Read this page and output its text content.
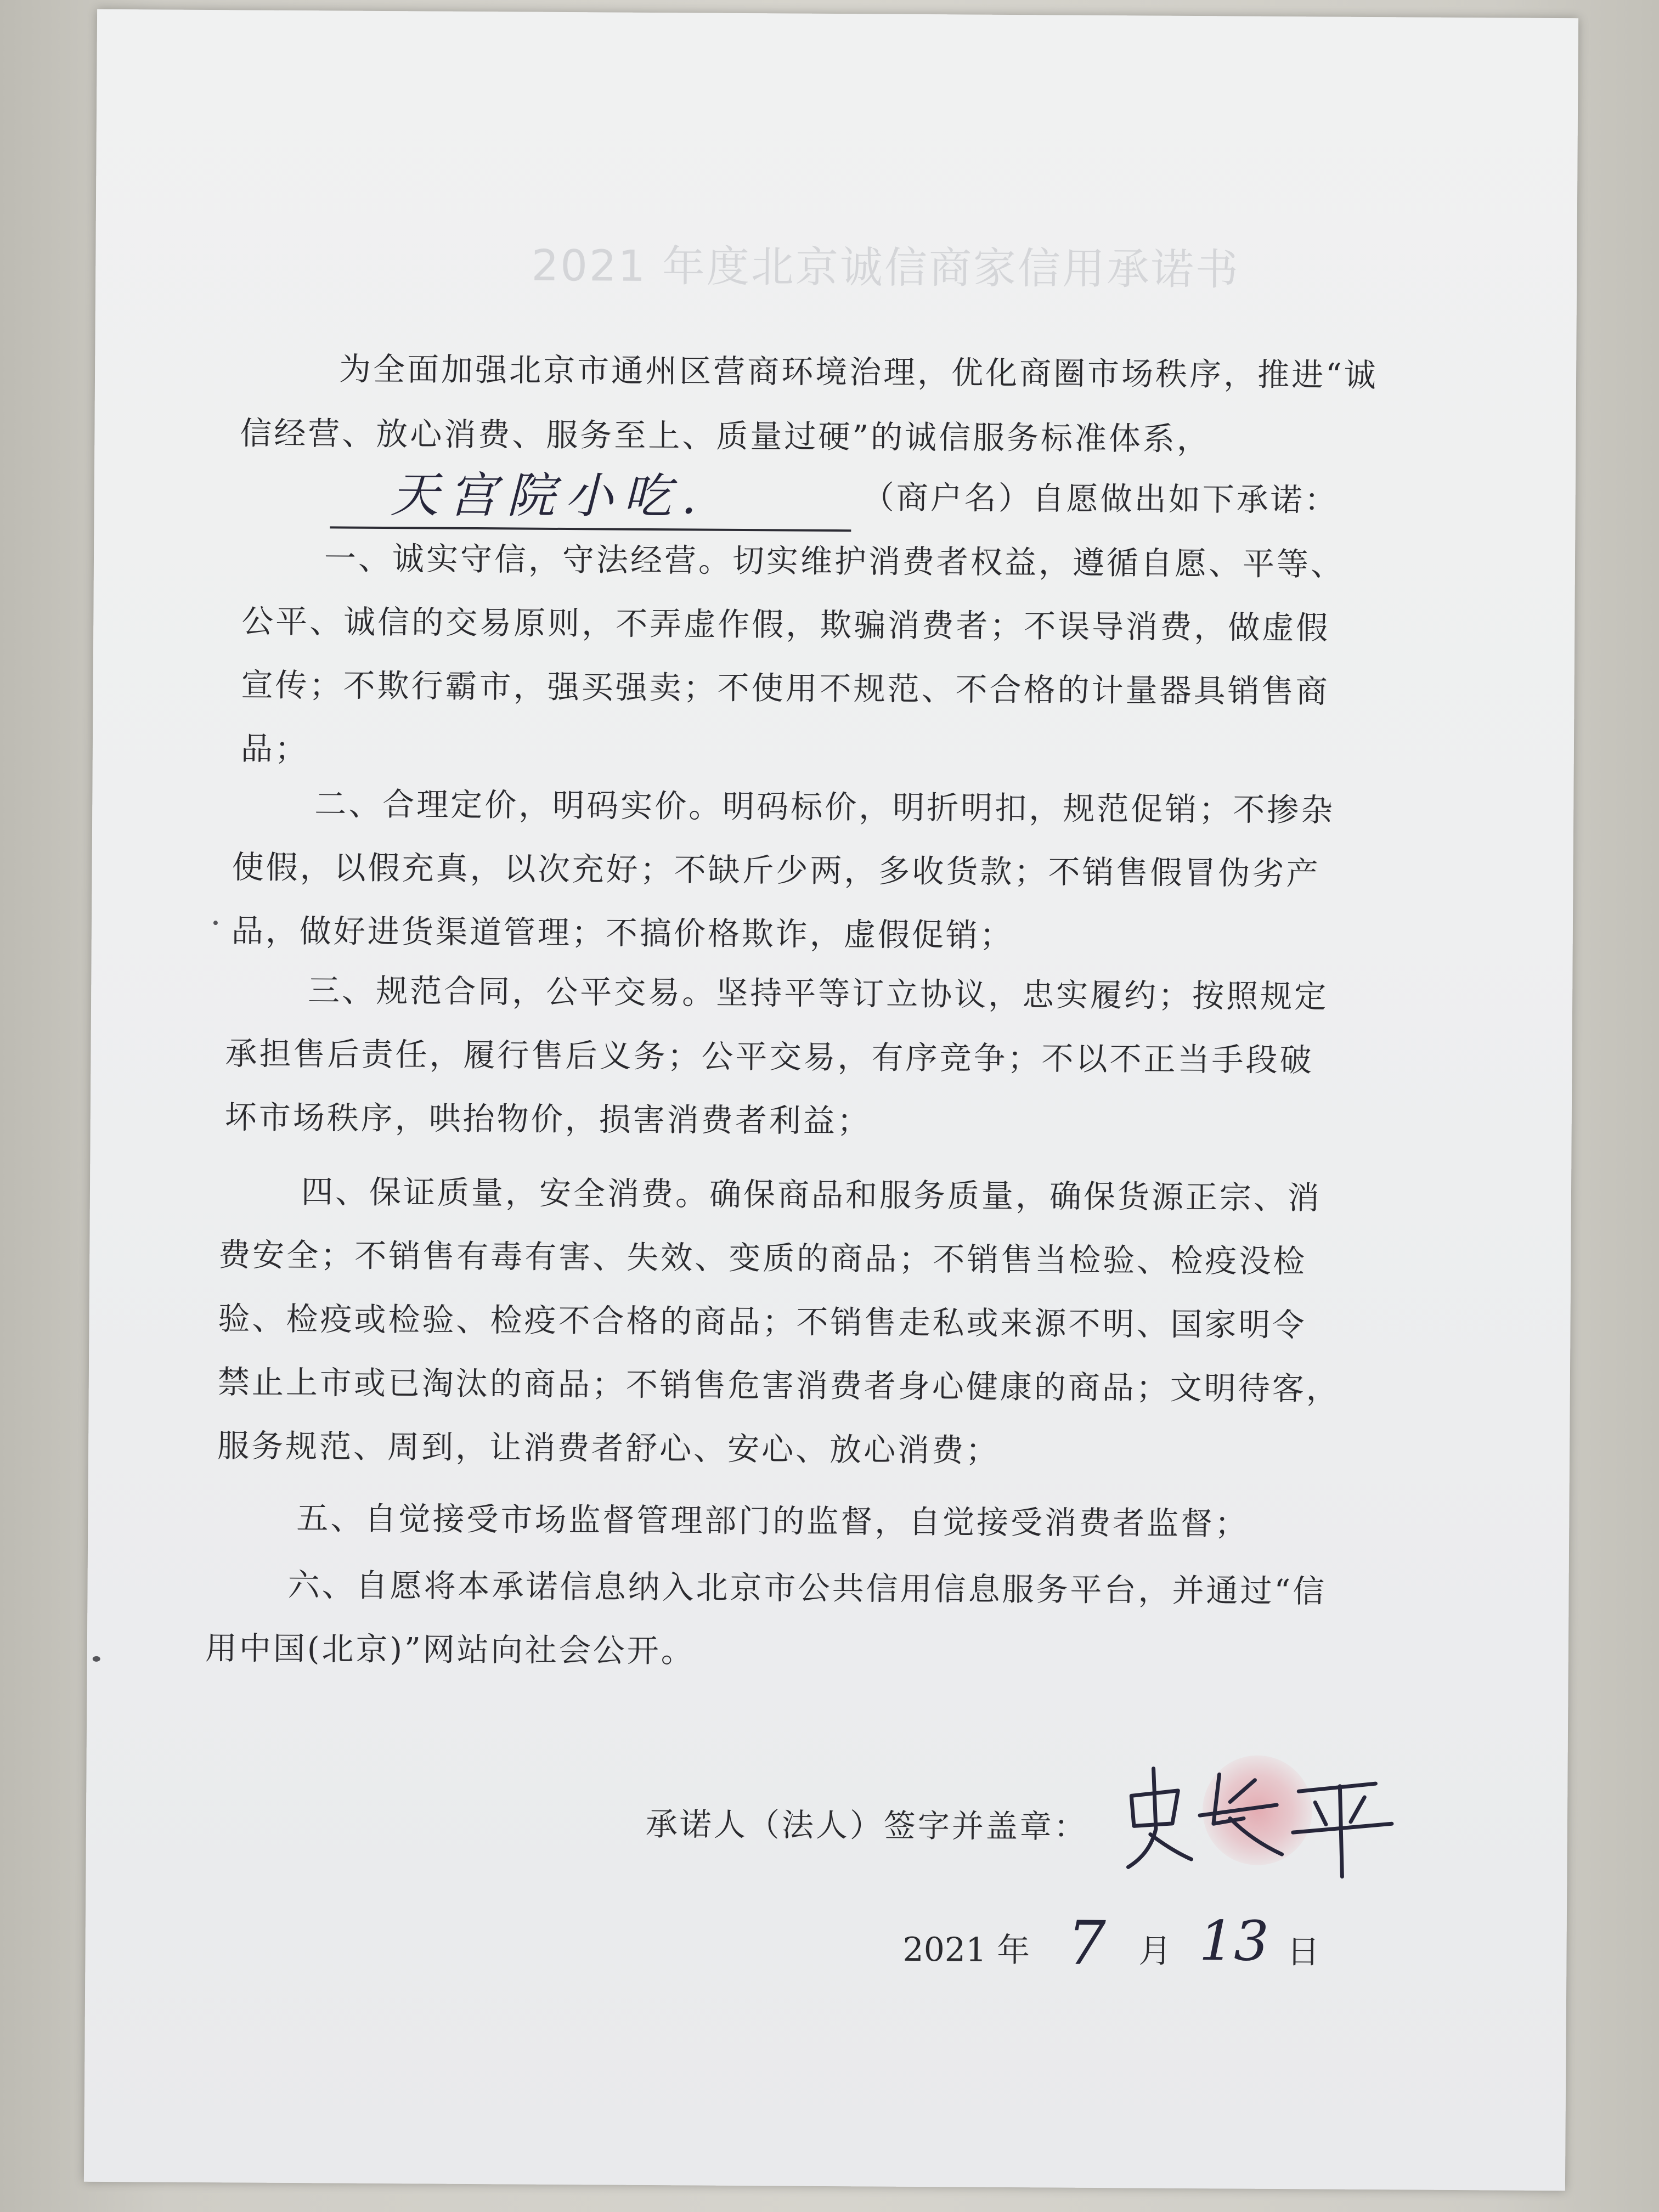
2021 年度北京诚信商家信用承诺书

为全面加强北京市通州区营商环境治理，优化商圈市场秩序，推进“诚

信经营、放心消费、服务至上、质量过硬”的诚信服务标准体系，

天宫院小吃.	（商户名）自愿做出如下承诺：

一、诚实守信，守法经营。切实维护消费者权益，遵循自愿、平等、
公平、诚信的交易原则，不弄虚作假，欺骗消费者；不误导消费，做虚假
宣传；不欺行霸市，强买强卖；不使用不规范、不合格的计量器具销售商
品；

二、合理定价，明码实价。明码标价，明折明扣，规范促销；不掺杂
使假，以假充真，以次充好；不缺斤少两，多收货款；不销售假冒伪劣产
品，做好进货渠道管理；不搞价格欺诈，虚假促销；

三、规范合同，公平交易。坚持平等订立协议，忠实履约；按照规定
承担售后责任，履行售后义务；公平交易，有序竞争；不以不正当手段破
坏市场秩序，哄抬物价，损害消费者利益；

四、保证质量，安全消费。确保商品和服务质量，确保货源正宗、消
费安全；不销售有毒有害、失效、变质的商品；不销售当检验、检疫没检
验、检疫或检验、检疫不合格的商品；不销售走私或来源不明、国家明令
禁止上市或已淘汰的商品；不销售危害消费者身心健康的商品；文明待客，
服务规范、周到，让消费者舒心、安心、放心消费；

五、自觉接受市场监督管理部门的监督，自觉接受消费者监督；

六、自愿将本承诺信息纳入北京市公共信用信息服务平台，并通过“信
用中国(北京)”网站向社会公开。

承诺人（法人）签字并盖章：
2021 年 7 月 13 日
